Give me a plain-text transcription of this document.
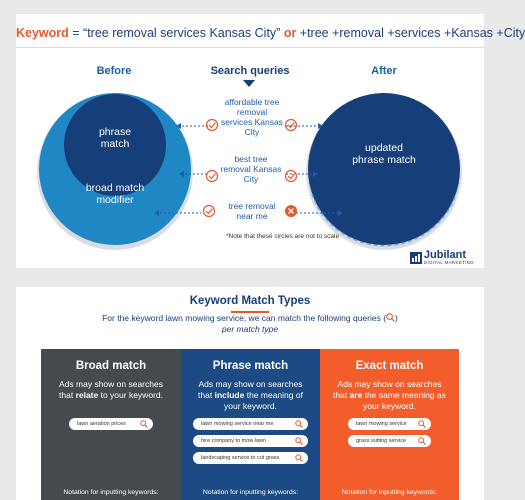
Keyword = “tree removal services Kansas City” or +tree +removal +services +Kansas +City
Before	Search queries	After
phrase match
broad match modifier
updated phrase match
affordable tree removal services Kansas City
best tree removal Kansas City
tree removal near me
*Note that these circles are not to scale
Jubilant
DIGITAL MARKETING
Keyword Match Types
For the keyword lawn mowing service, we can match the following queries ( )
per match type
Broad match
Ads may show on searches that relate to your keyword.
lawn aeration prices
Notation for inputting keywords:
Phrase match
Ads may show on searches that include the meaning of your keyword.
lawn mowing service near me
hire company to mow lawn
landscaping service to cut grass
Notation for inputting keywords:
Exact match
Ads may show on searches that are the same meaning as your keyword.
lawn mowing service
grass sutting service
Notation for inputting keywords:
